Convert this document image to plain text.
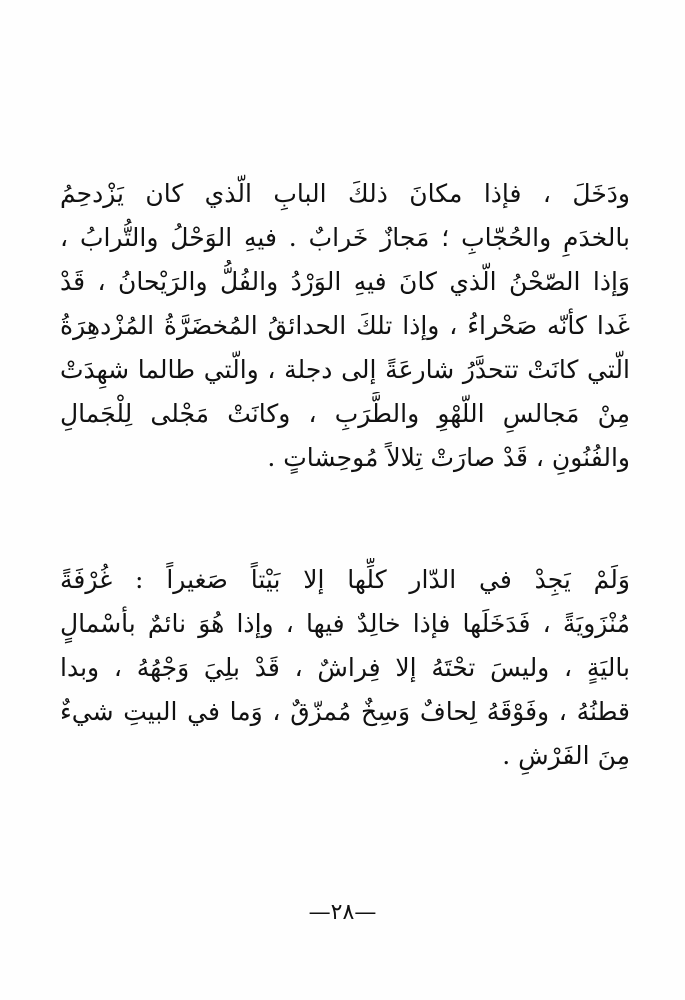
ودَخَلَ ، فإذا مكانَ ذلكَ البابِ الّذي كان يَزْدحِمُ
بالخدَمِ والحُجّابِ ؛ مَجازٌ خَرابٌ . فيهِ الوَحْلُ والتُّرابُ ،
وَإذا الصّحْنُ الّذي كانَ فيهِ الوَرْدُ والفُلُّ والرَيْحانُ ، قَدْ
غَدا كأنّه صَحْراءُ ، وإذا تلكَ الحدائقُ المُخضَرَّةُ المُزْدهِرَةُ
الّتي كانَتْ تتحدَّرُ شارعَةً إلى دجلة ، والّتي طالما شهِدَتْ
مِنْ مَجالسِ اللّهْوِ والطَّرَبِ ، وكانَتْ مَجْلى لِلْجَمالِ
والفُنُونِ ، قَدْ صارَتْ تِلالاً مُوحِشاتٍ .
وَلَمْ يَجِدْ في الدّار كلِّها إلا بَيْتاً صَغيراً : غُرْفَةً
مُنْزَويَةً ، فَدَخَلَها فإذا خالِدٌ فيها ، وإذا هُوَ نائمٌ بأسْمالٍ
باليَةٍ ، وليسَ تحْتَهُ إلا فِراشٌ ، قَدْ بلِيَ وَجْهُهُ ، وبدا
قطنُهُ ، وفَوْقَهُ لِحافٌ وَسِخٌ مُمزّقٌ ، وَما في البيتِ شيءٌ
مِنَ الفَرْشِ .
—٢٨—
